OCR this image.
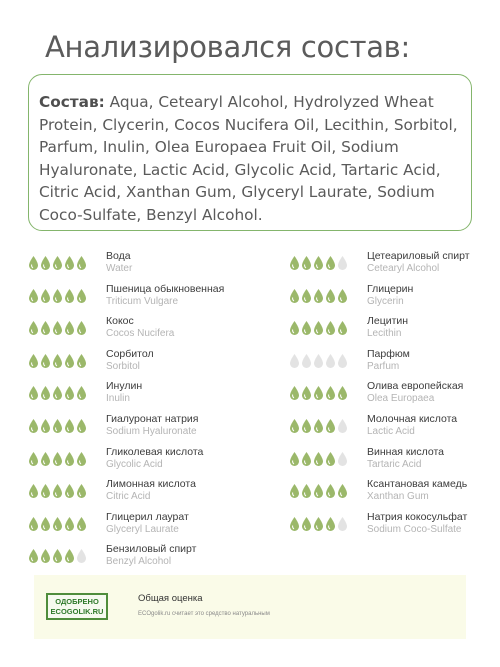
Анализировался состав:

Состав: Aqua, Cetearyl Alcohol, Hydrolyzed Wheat Protein, Clycerin, Cocos Nucifera Oil, Lecithin, Sorbitol, Parfum, Inulin, Olea Europaea Fruit Oil, Sodium Hyaluronate, Lactic Acid, Glycolic Acid, Tartaric Acid, Citric Acid, Xanthan Gum, Glyceryl Laurate, Sodium Coco-Sulfate, Benzyl Alcohol.

Вода
Water
Пшеница обыкновенная
Triticum Vulgare
Кокос
Cocos Nucifera
Сорбитол
Sorbitol
Инулин
Inulin
Гиалуронат натрия
Sodium Hyaluronate
Гликолевая кислота
Glycolic Acid
Лимонная кислота
Citric Acid
Глицерил лаурат
Glyceryl Laurate
Бензиловый спирт
Benzyl Alcohol
Цетеариловый спирт
Cetearyl Alcohol
Глицерин
Glycerin
Лецитин
Lecithin
Парфюм
Parfum
Олива европейская
Olea Europaea
Молочная кислота
Lactic Acid
Винная кислота
Tartaric Acid
Ксантановая камедь
Xanthan Gum
Натрия кокосульфат
Sodium Coco-Sulfate
ОДОБРЕНО
ECOGOLIK.RU
Общая оценка
ECOgolik.ru считает это средство натуральным
